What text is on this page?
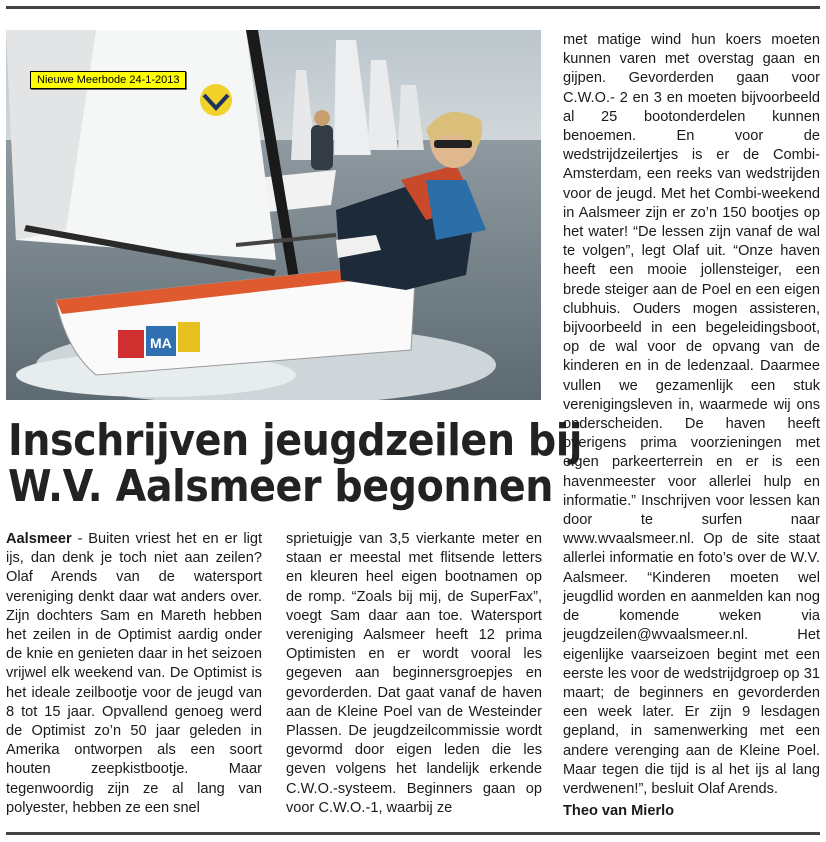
MA
Nieuwe Meerbode 24-1-2013
Inschrijven jeugdzeilen bij
W.V. Aalsmeer begonnen

Aalsmeer - Buiten vriest het en er ligt ijs, dan denk je toch niet aan zeilen? Olaf Arends van de watersport vereniging denkt daar wat anders over. Zijn dochters Sam en Mareth hebben het zeilen in de Optimist aardig onder de knie en genieten daar in het seizoen vrijwel elk weekend van. De Optimist is het ideale zeilbootje voor de jeugd van 8 tot 15 jaar. Opvallend genoeg werd de Optimist zo’n 50 jaar geleden in Amerika ontworpen als een soort houten zeepkistbootje. Maar tegenwoordig zijn ze al lang van polyester, hebben ze een snel

sprietuigje van 3,5 vierkante meter en staan er meestal met flitsende letters en kleuren heel eigen bootnamen op de romp. “Zoals bij mij, de SuperFax”, voegt Sam daar aan toe. Watersport vereniging Aalsmeer heeft 12 prima Optimisten en er wordt vooral les gegeven aan beginnersgroepjes en gevorderden. Dat gaat vanaf de haven aan de Kleine Poel van de Westeinder Plassen. De jeugdzeilcommissie wordt gevormd door eigen leden die les geven volgens het landelijk erkende C.W.O.-systeem. Beginners gaan op voor C.W.O.-1, waarbij ze

met matige wind hun koers moeten kunnen varen met overstag gaan en gijpen. Gevorderden gaan voor C.W.O.- 2 en 3 en moeten bijvoorbeeld al 25 bootonderdelen kunnen benoemen. En voor de wedstrijdzeilertjes is er de Combi-Amsterdam, een reeks van wedstrijden voor de jeugd. Met het Combi-weekend in Aalsmeer zijn er zo’n 150 bootjes op het water! “De lessen zijn vanaf de wal te volgen”, legt Olaf uit. “Onze haven heeft een mooie jollensteiger, een brede steiger aan de Poel en een eigen clubhuis. Ouders mogen assisteren, bijvoorbeeld in een begeleidingsboot, op de wal voor de opvang van de kinderen en in de ledenzaal. Daarmee vullen we gezamenlijk een stuk verenigingsleven in, waarmede wij ons onderscheiden. De haven heeft overigens prima voorzieningen met eigen parkeerterrein en er is een havenmeester voor allerlei hulp en informatie.” Inschrijven voor lessen kan door te surfen naar www.wvaalsmeer.nl. Op de site staat allerlei informatie en foto’s over de W.V. Aalsmeer. “Kinderen moeten wel jeugdlid worden en aanmelden kan nog de komende weken via jeugdzeilen@wvaalsmeer.nl. Het eigenlijke vaarseizoen begint met een eerste les voor de wedstrijdgroep op 31 maart; de beginners en gevorderden een week later. Er zijn 9 lesdagen gepland, in samenwerking met een andere verenging aan de Kleine Poel. Maar tegen die tijd is al het ijs al lang verdwenen!”, besluit Olaf Arends.

Theo van Mierlo
